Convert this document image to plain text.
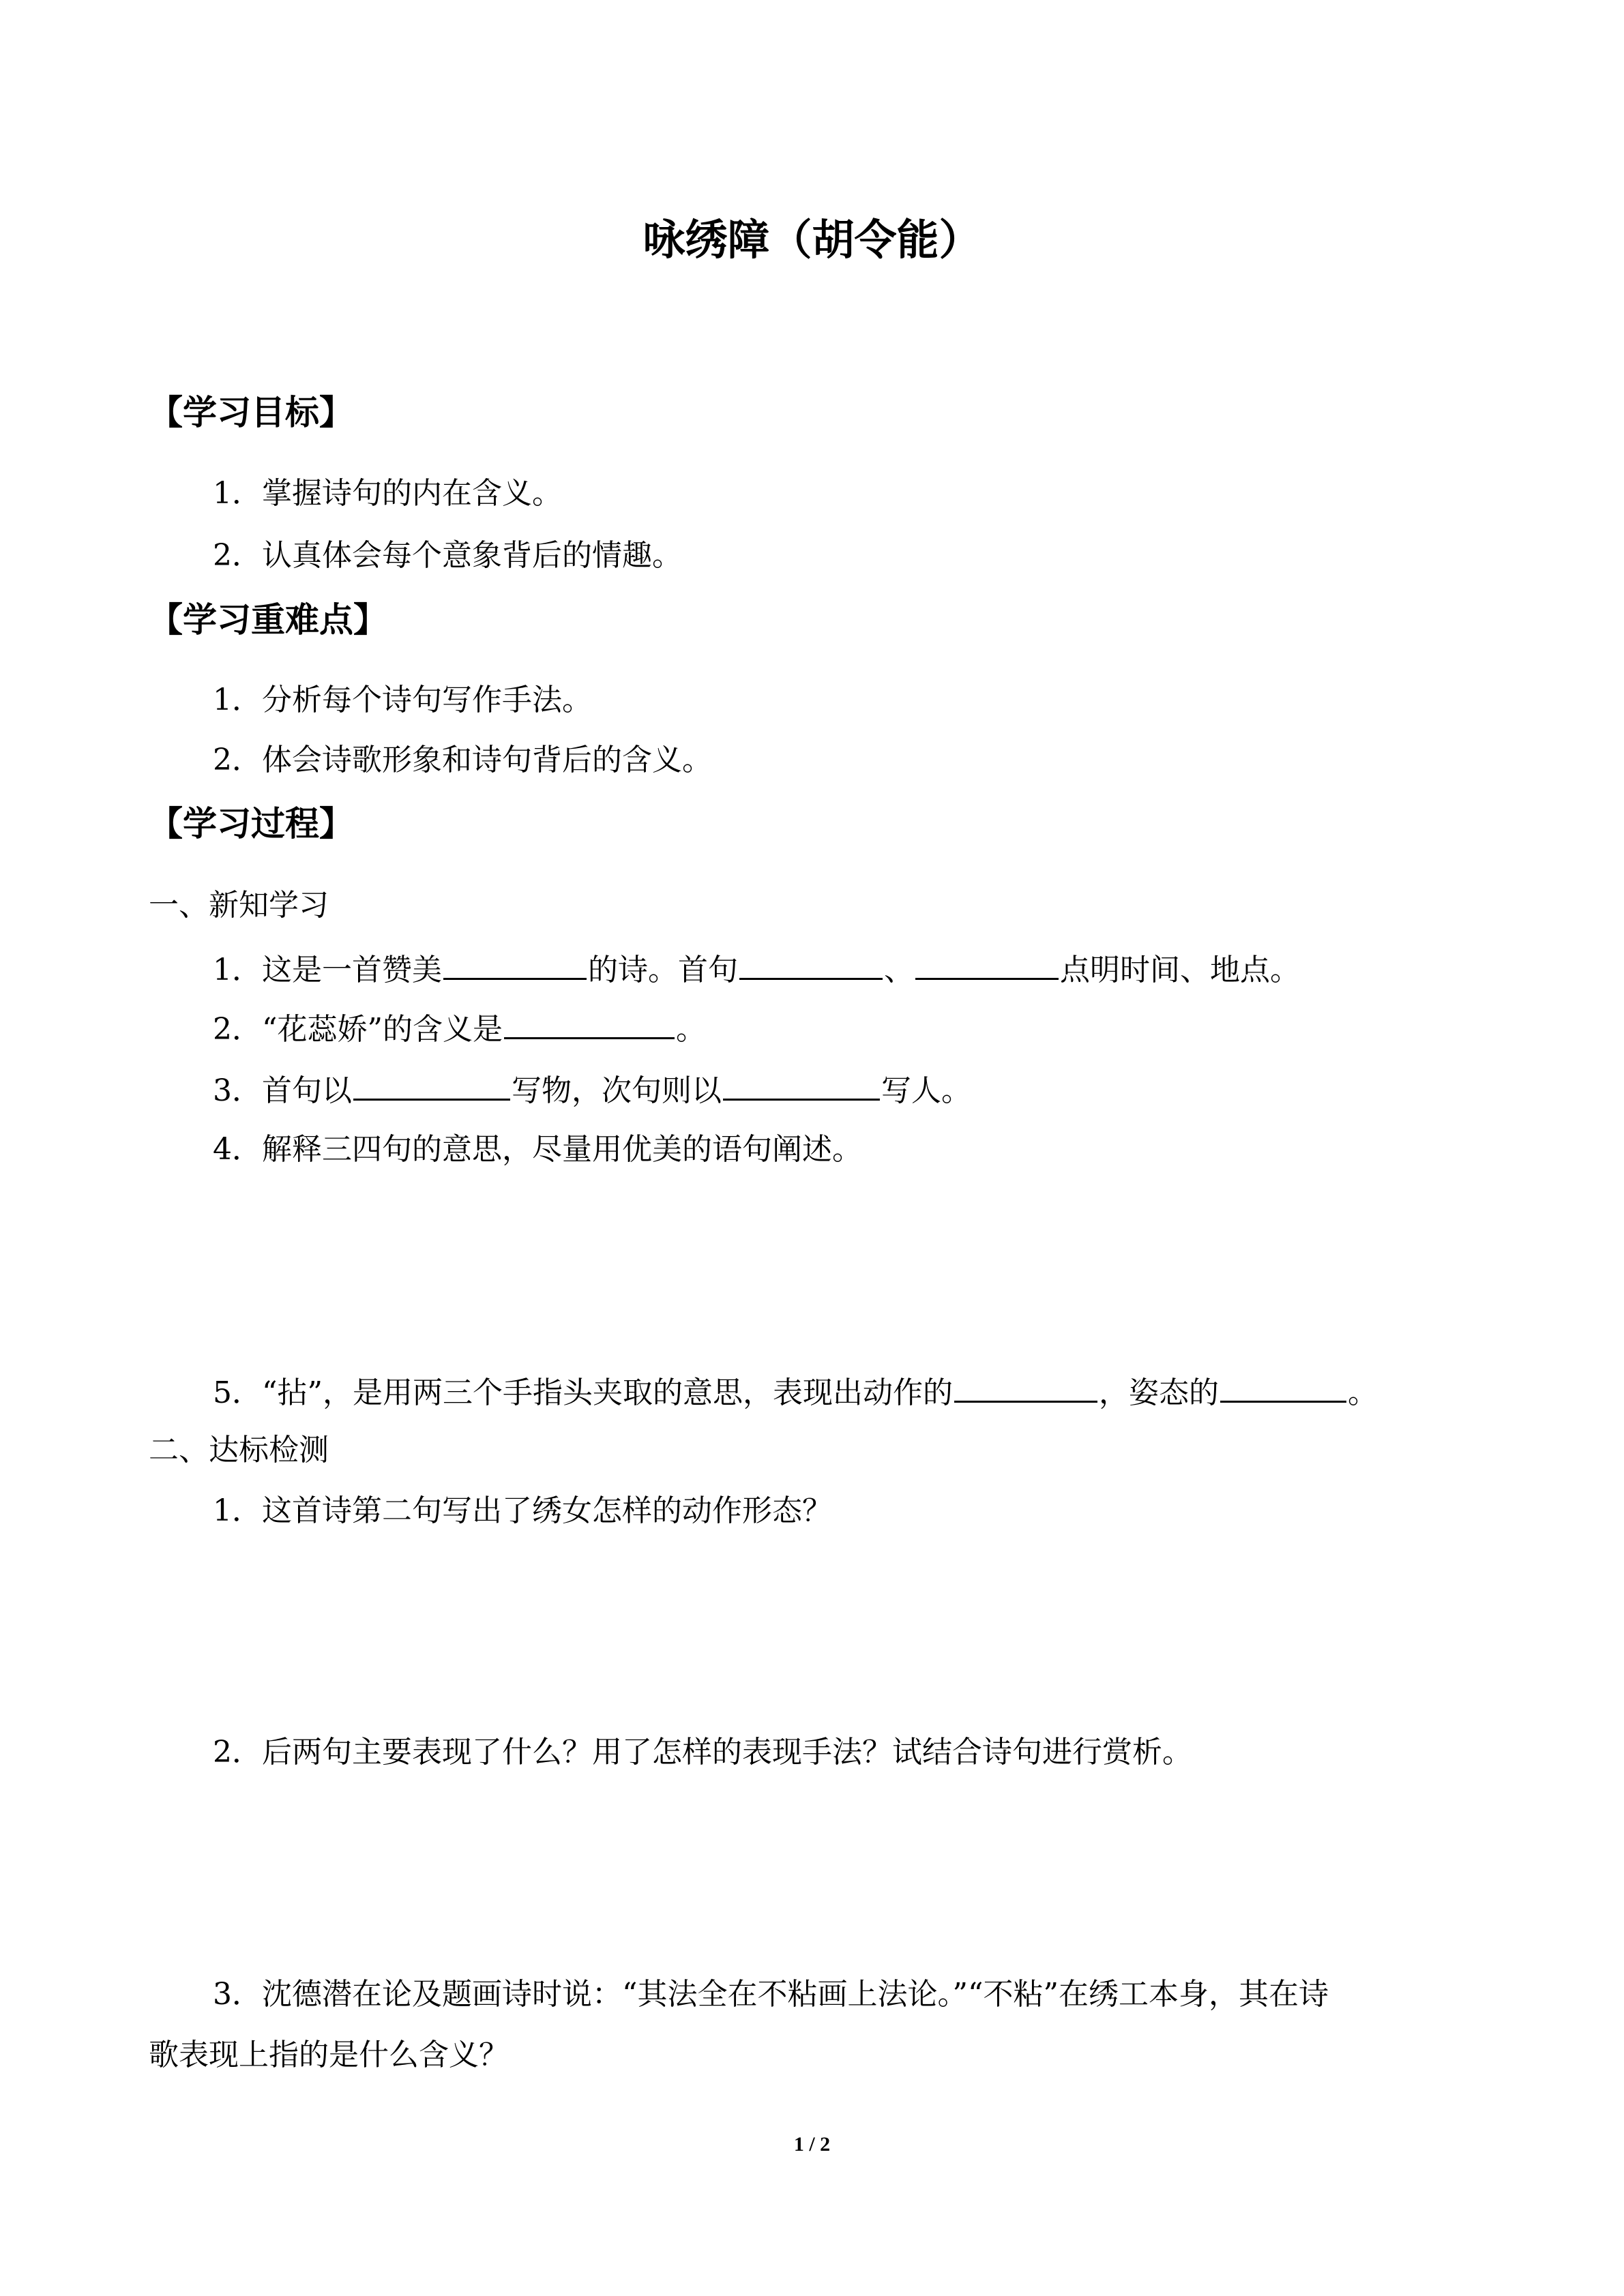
咏绣障（胡令能）
【学习目标】
1．掌握诗句的内在含义。
2．认真体会每个意象背后的情趣。
【学习重难点】
1．分析每个诗句写作手法。
2．体会诗歌形象和诗句背后的含义。
【学习过程】
一、新知学习
1．这是一首赞美	的诗。首句	、	点明时间、地点。
2．“花蕊娇”的含义是	。
3．首句以	写物，次句则以	写人。
4．解释三四句的意思，尽量用优美的语句阐述。
5．“拈”，是用两三个手指头夹取的意思，表现出动作的	，姿态的	。
二、达标检测
1．这首诗第二句写出了绣女怎样的动作形态？
2．后两句主要表现了什么？用了怎样的表现手法？试结合诗句进行赏析。
3．沈德潜在论及题画诗时说：“其法全在不粘画上法论。”“不粘”在绣工本身，其在诗
歌表现上指的是什么含义？
1 / 2
